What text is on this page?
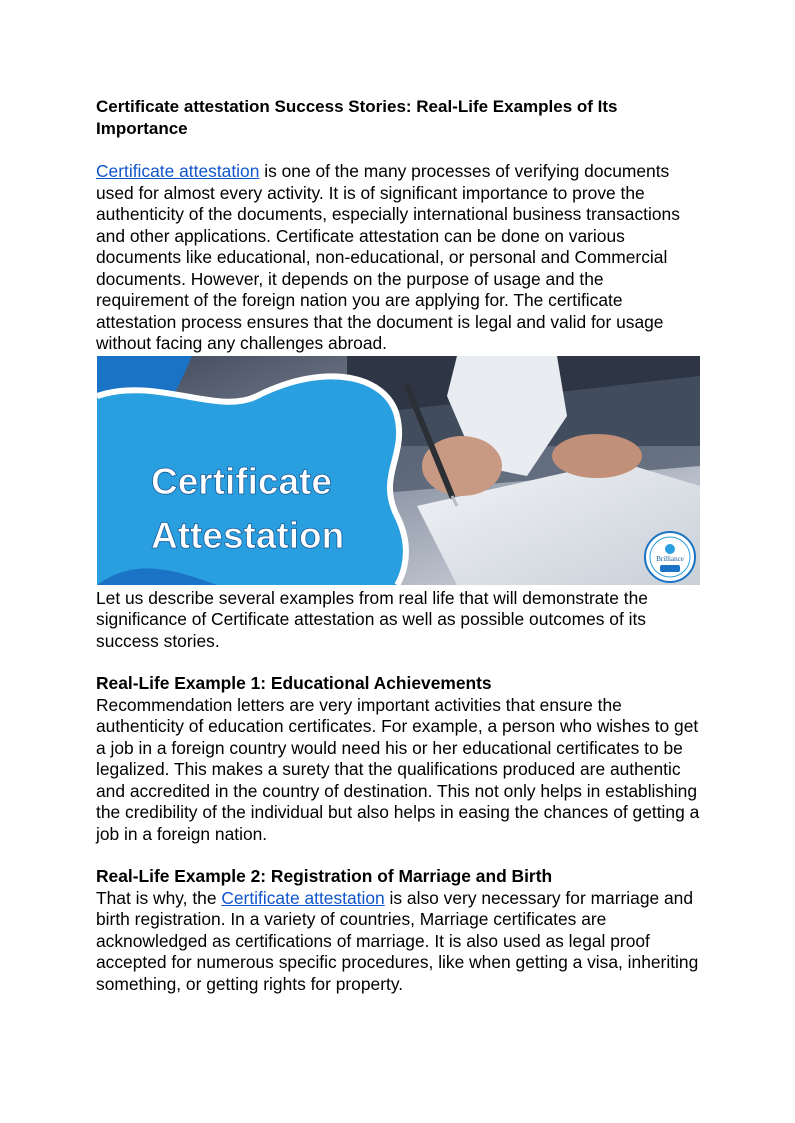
Certificate attestation Success Stories: Real-Life Examples of Its Importance

Certificate attestation is one of the many processes of verifying documents used for almost every activity. It is of significant importance to prove the authenticity of the documents, especially international business transactions and other applications. Certificate attestation can be done on various documents like educational, non-educational, or personal and Commercial documents. However, it depends on the purpose of usage and the requirement of the foreign nation you are applying for. The certificate attestation process ensures that the document is legal and valid for usage without facing any challenges abroad.

Certificate
Attestation
Brilliance

Let us describe several examples from real life that will demonstrate the significance of Certificate attestation as well as possible outcomes of its success stories.

Real-Life Example 1: Educational Achievements

Recommendation letters are very important activities that ensure the authenticity of education certificates. For example, a person who wishes to get a job in a foreign country would need his or her educational certificates to be legalized. This makes a surety that the qualifications produced are authentic and accredited in the country of destination. This not only helps in establishing the credibility of the individual but also helps in easing the chances of getting a job in a foreign nation.

Real-Life Example 2: Registration of Marriage and Birth

That is why, the Certificate attestation is also very necessary for marriage and birth registration. In a variety of countries, Marriage certificates are acknowledged as certifications of marriage. It is also used as legal proof accepted for numerous specific procedures, like when getting a visa, inheriting something, or getting rights for property.
